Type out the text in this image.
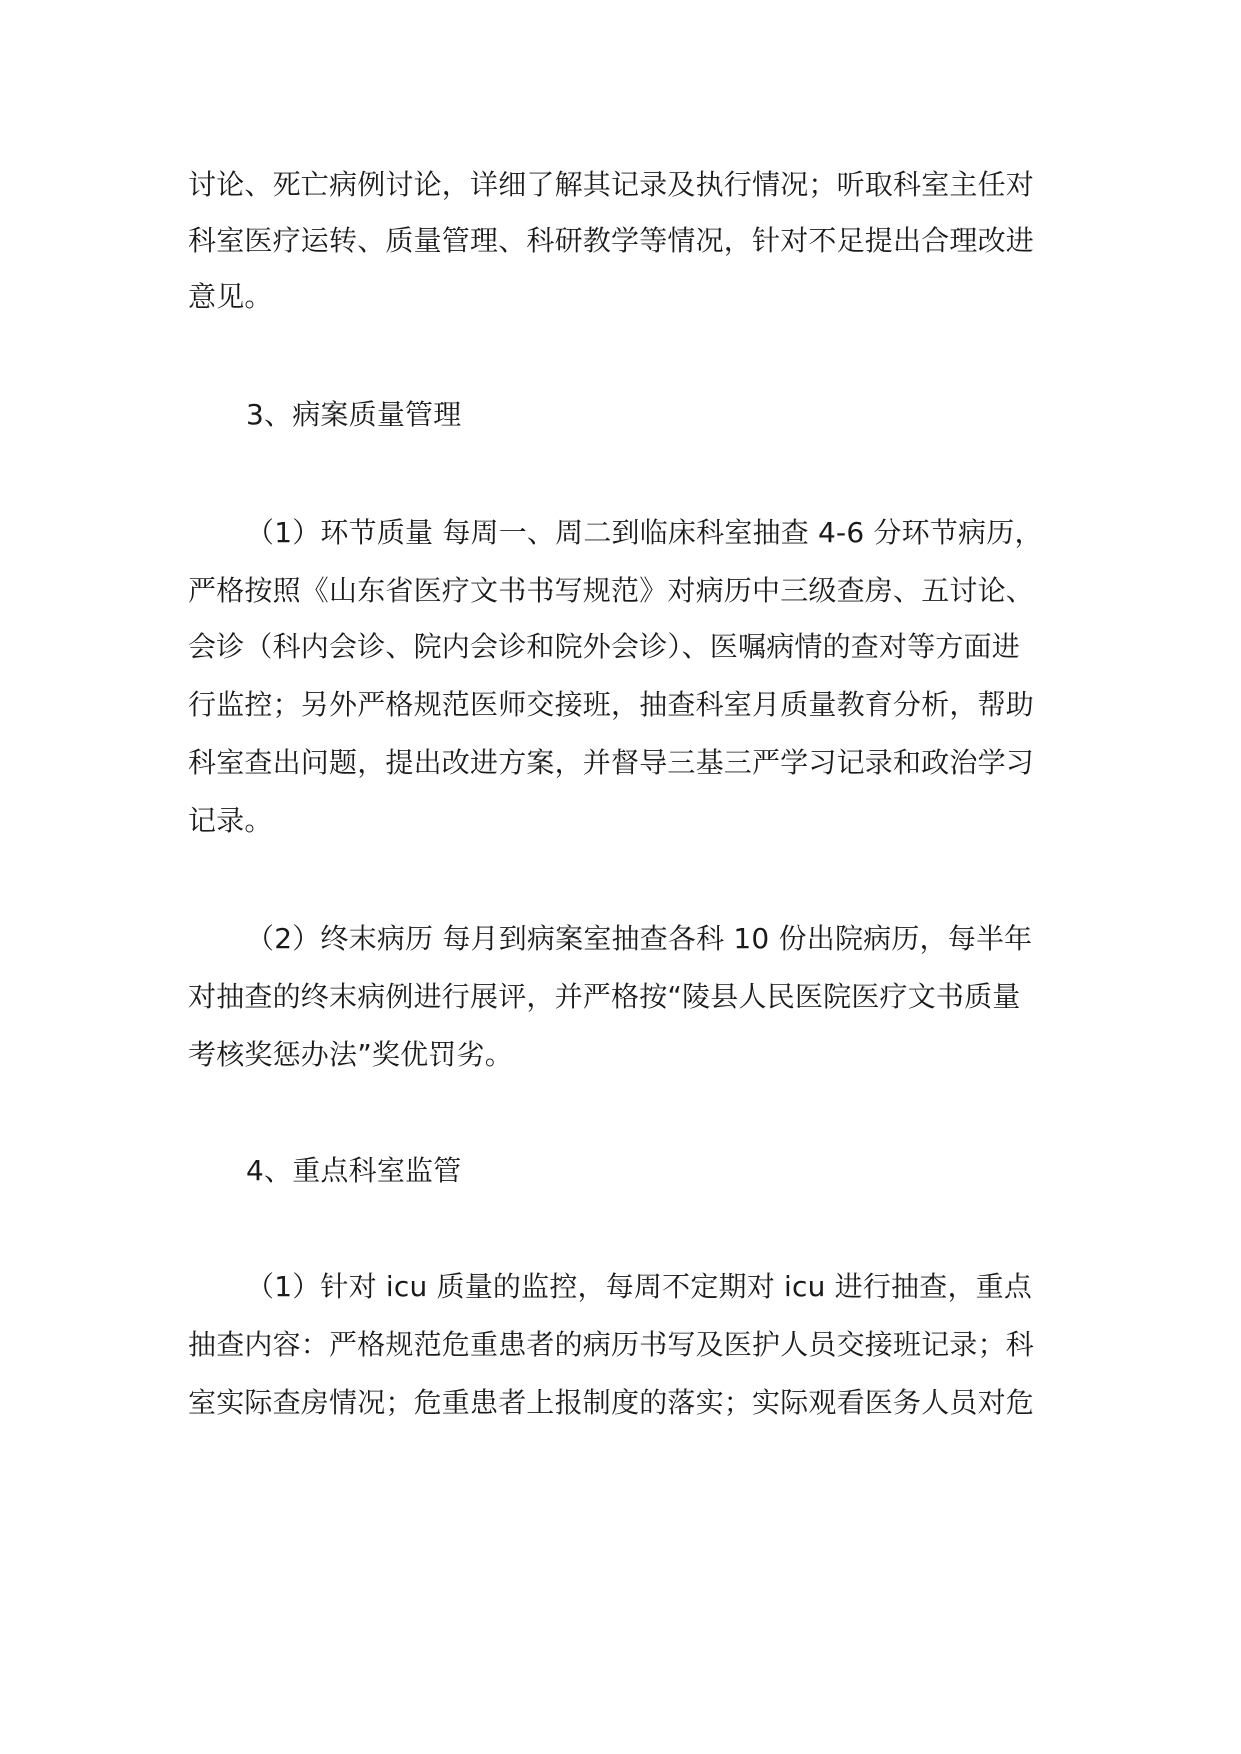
讨论、死亡病例讨论，详细了解其记录及执行情况；听取科室主任对
科室医疗运转、质量管理、科研教学等情况，针对不足提出合理改进
意见。
3、病案质量管理
（1）环节质量 每周一、周二到临床科室抽查 4-6 分环节病历，
严格按照《山东省医疗文书书写规范》对病历中三级查房、五讨论、
会诊（科内会诊、院内会诊和院外会诊）、医嘱病情的查对等方面进
行监控；另外严格规范医师交接班，抽查科室月质量教育分析，帮助
科室查出问题，提出改进方案，并督导三基三严学习记录和政治学习
记录。
（2）终末病历 每月到病案室抽查各科 10 份出院病历，每半年
对抽查的终末病例进行展评，并严格按“陵县人民医院医疗文书质量
考核奖惩办法”奖优罚劣。
4、重点科室监管
（1）针对 icu 质量的监控，每周不定期对 icu 进行抽查，重点
抽查内容：严格规范危重患者的病历书写及医护人员交接班记录；科
室实际查房情况；危重患者上报制度的落实；实际观看医务人员对危
